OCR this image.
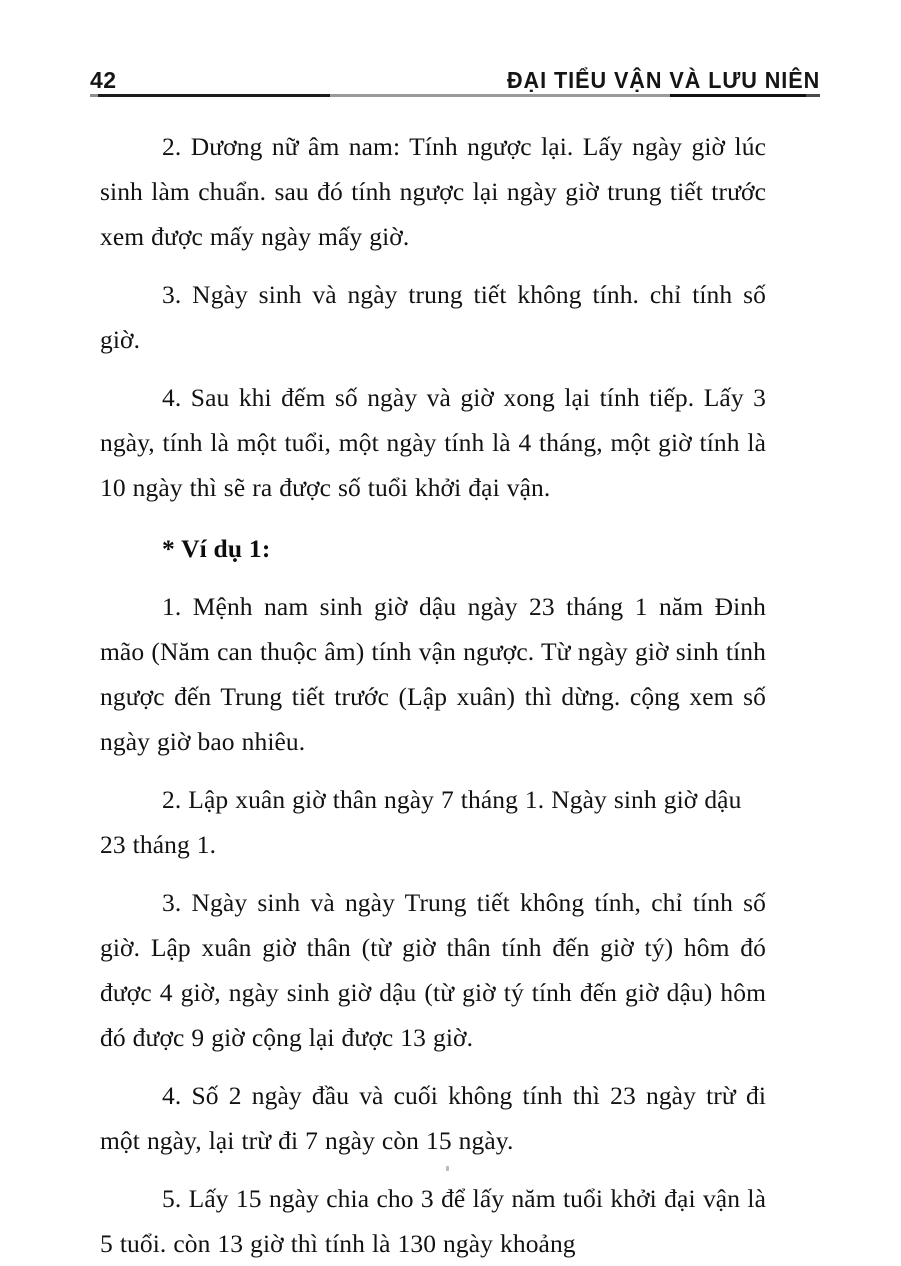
42	ĐẠI TIỂU VẬN VÀ LƯU NIÊN

2. Dương nữ âm nam: Tính ngược lại. Lấy ngày giờ lúc sinh làm chuẩn. sau đó tính ngược lại ngày giờ trung tiết trước xem được mấy ngày mấy giờ.

3. Ngày sinh và ngày trung tiết không tính. chỉ tính số giờ.

4. Sau khi đếm số ngày và giờ xong lại tính tiếp. Lấy 3 ngày, tính là một tuổi, một ngày tính là 4 tháng, một giờ tính là 10 ngày thì sẽ ra được số tuổi khởi đại vận.

* Ví dụ 1:

1. Mệnh nam sinh giờ dậu ngày 23 tháng 1 năm Đinh mão (Năm can thuộc âm) tính vận ngược. Từ ngày giờ sinh tính ngược đến Trung tiết trước (Lập xuân) thì dừng. cộng xem số ngày giờ bao nhiêu.

2. Lập xuân giờ thân ngày 7 tháng 1. Ngày sinh giờ dậu 23 tháng 1.

3. Ngày sinh và ngày Trung tiết không tính, chỉ tính số giờ. Lập xuân giờ thân (từ giờ thân tính đến giờ tý) hôm đó được 4 giờ, ngày sinh giờ dậu (từ giờ tý tính đến giờ dậu) hôm đó được 9 giờ cộng lại được 13 giờ.

4. Số 2 ngày đầu và cuối không tính thì 23 ngày trừ đi một ngày, lại trừ đi 7 ngày còn 15 ngày.

5. Lấy 15 ngày chia cho 3 để lấy năm tuổi khởi đại vận là 5 tuổi. còn 13 giờ thì tính là 130 ngày khoảng
